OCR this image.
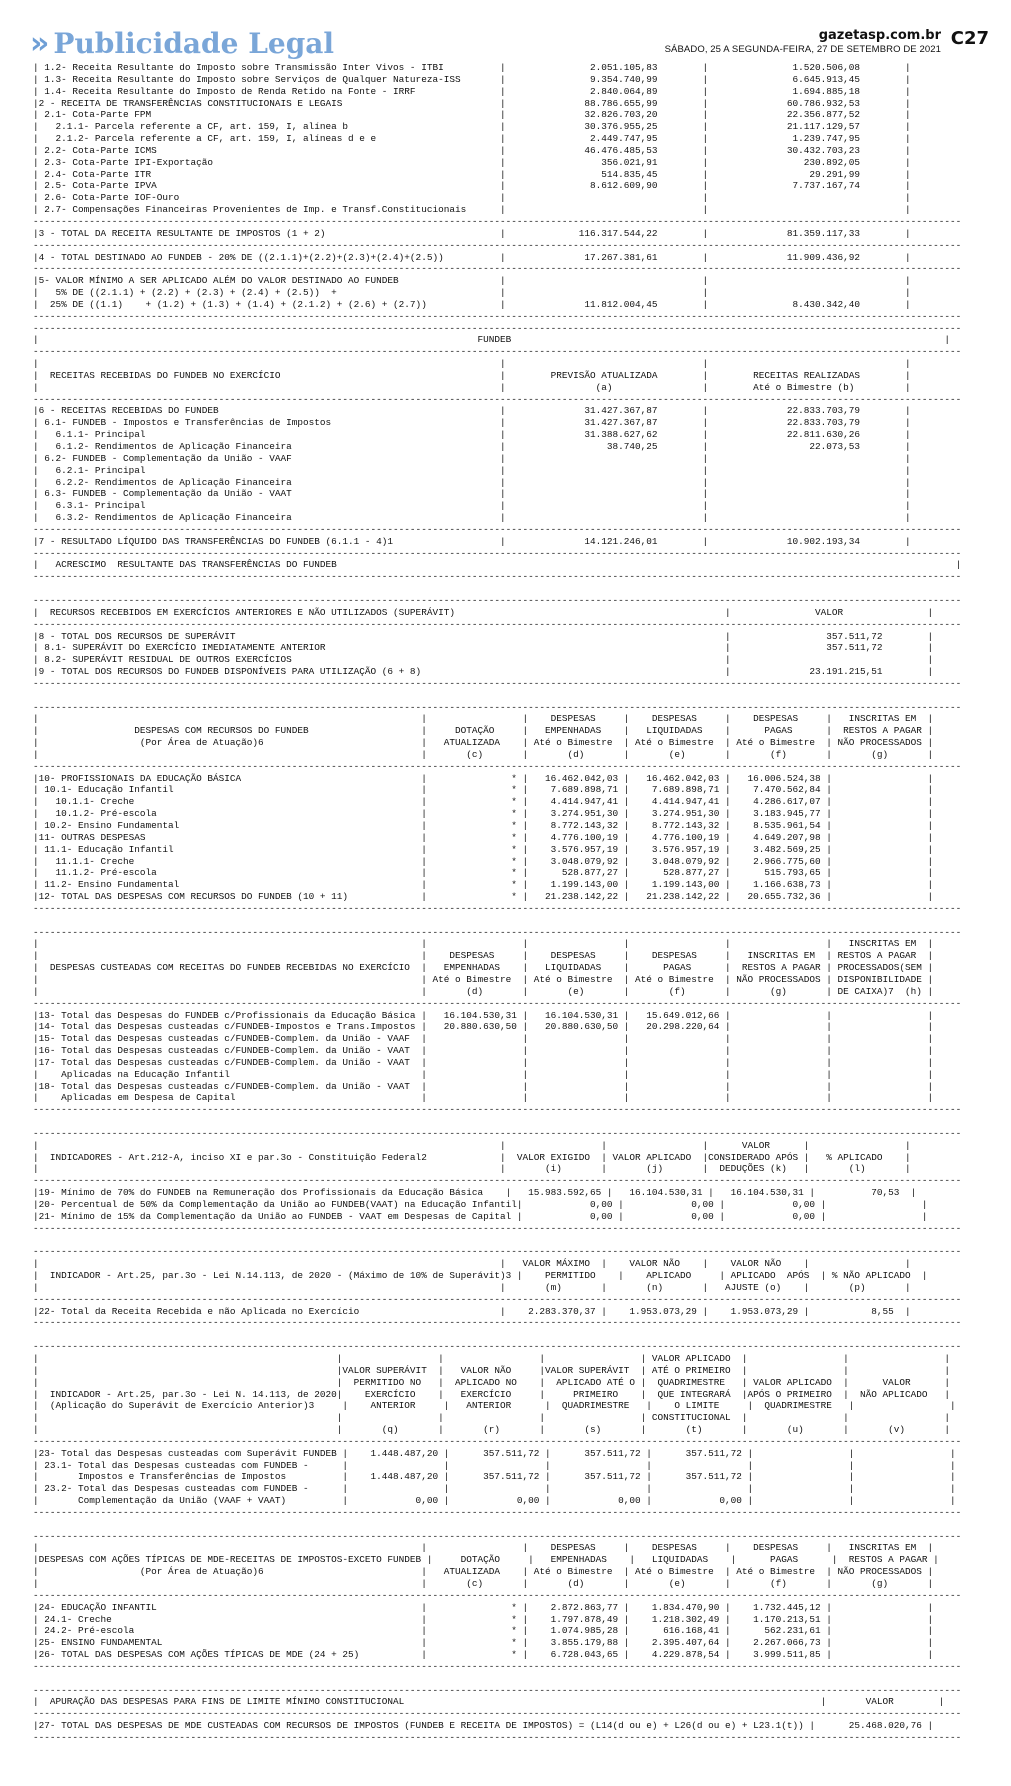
» Publicidade Legal	gazetasp.com.br
SÁBADO, 25 A SEGUNDA-FEIRA, 27 DE SETEMBRO DE 2021
C27
| 1.2- Receita Resultante do Imposto sobre Transmissão Inter Vivos - ITBI          |               2.051.105,83        |               1.520.506,08        |
| 1.3- Receita Resultante do Imposto sobre Serviços de Qualquer Natureza-ISS       |               9.354.740,99        |               6.645.913,45        |
| 1.4- Receita Resultante do Imposto de Renda Retido na Fonte - IRRF               |               2.840.064,89        |               1.694.885,18        |
|2 - RECEITA DE TRANSFERÊNCIAS CONSTITUCIONAIS E LEGAIS                            |              88.786.655,99        |              60.786.932,53        |
| 2.1- Cota-Parte FPM                                                              |              32.826.703,20        |              22.356.877,52        |
|   2.1.1- Parcela referente a CF, art. 159, I, alínea b                           |              30.376.955,25        |              21.117.129,57        |
|   2.1.2- Parcela referente a CF, art. 159, I, alíneas d e e                      |               2.449.747,95        |               1.239.747,95        |
| 2.2- Cota-Parte ICMS                                                             |              46.476.485,53        |              30.432.703,23        |
| 2.3- Cota-Parte IPI-Exportação                                                   |                 356.021,91        |                 230.892,05        |
| 2.4- Cota-Parte ITR                                                              |                 514.835,45        |                  29.291,99        |
| 2.5- Cota-Parte IPVA                                                             |               8.612.609,90        |               7.737.167,74        |
| 2.6- Cota-Parte IOF-Ouro                                                         |                                   |                                   |
| 2.7- Compensações Financeiras Provenientes de Imp. e Transf.Constitucionais      |                                   |                                   |
---------------------------------------------------------------------------------------------------------------------------------------------------------------------
|3 - TOTAL DA RECEITA RESULTANTE DE IMPOSTOS (1 + 2)                               |             116.317.544,22        |              81.359.117,33        |
---------------------------------------------------------------------------------------------------------------------------------------------------------------------
|4 - TOTAL DESTINADO AO FUNDEB - 20% DE ((2.1.1)+(2.2)+(2.3)+(2.4)+(2.5))          |              17.267.381,61        |              11.909.436,92        |
---------------------------------------------------------------------------------------------------------------------------------------------------------------------
|5- VALOR MÍNIMO A SER APLICADO ALÉM DO VALOR DESTINADO AO FUNDEB                  |                                   |                                   |
|   5% DE ((2.1.1) + (2.2) + (2.3) + (2.4) + (2.5))  +                             |                                   |                                   |
|  25% DE ((1.1)    + (1.2) + (1.3) + (1.4) + (2.1.2) + (2.6) + (2.7))             |              11.812.004,45        |               8.430.342,40        |
---------------------------------------------------------------------------------------------------------------------------------------------------------------------
---------------------------------------------------------------------------------------------------------------------------------------------------------------------
|                                                                              FUNDEB                                                                             |
---------------------------------------------------------------------------------------------------------------------------------------------------------------------
|                                                                                  |                                   |                                   |
|  RECEITAS RECEBIDAS DO FUNDEB NO EXERCÍCIO                                       |        PREVISÃO ATUALIZADA        |        RECEITAS REALIZADAS        |
|                                                                                  |                (a)                |        Até o Bimestre (b)         |
---------------------------------------------------------------------------------------------------------------------------------------------------------------------
|6 - RECEITAS RECEBIDAS DO FUNDEB                                                  |              31.427.367,87        |              22.833.703,79        |
| 6.1- FUNDEB - Impostos e Transferências de Impostos                              |              31.427.367,87        |              22.833.703,79        |
|   6.1.1- Principal                                                               |              31.388.627,62        |              22.811.630,26        |
|   6.1.2- Rendimentos de Aplicação Financeira                                     |                  38.740,25        |                  22.073,53        |
| 6.2- FUNDEB - Complementação da União - VAAF                                     |                                   |                                   |
|   6.2.1- Principal                                                               |                                   |                                   |
|   6.2.2- Rendimentos de Aplicação Financeira                                     |                                   |                                   |
| 6.3- FUNDEB - Complementação da União - VAAT                                     |                                   |                                   |
|   6.3.1- Principal                                                               |                                   |                                   |
|   6.3.2- Rendimentos de Aplicação Financeira                                     |                                   |                                   |
---------------------------------------------------------------------------------------------------------------------------------------------------------------------
|7 - RESULTADO LÍQUIDO DAS TRANSFERÊNCIAS DO FUNDEB (6.1.1 - 4)1                   |              14.121.246,01        |              10.902.193,34        |
---------------------------------------------------------------------------------------------------------------------------------------------------------------------
|   ACRESCIMO  RESULTANTE DAS TRANSFERÊNCIAS DO FUNDEB                                                                                                              |
---------------------------------------------------------------------------------------------------------------------------------------------------------------------

---------------------------------------------------------------------------------------------------------------------------------------------------------------------
|  RECURSOS RECEBIDOS EM EXERCÍCIOS ANTERIORES E NÃO UTILIZADOS (SUPERÁVIT)                                                |               VALOR               |
---------------------------------------------------------------------------------------------------------------------------------------------------------------------
|8 - TOTAL DOS RECURSOS DE SUPERÁVIT                                                                                       |                 357.511,72        |
| 8.1- SUPERÁVIT DO EXERCÍCIO IMEDIATAMENTE ANTERIOR                                                                       |                 357.511,72        |
| 8.2- SUPERÁVIT RESIDUAL DE OUTROS EXERCÍCIOS                                                                             |                                   |
|9 - TOTAL DOS RECURSOS DO FUNDEB DISPONÍVEIS PARA UTILIZAÇÃO (6 + 8)                                                      |              23.191.215,51        |
---------------------------------------------------------------------------------------------------------------------------------------------------------------------

---------------------------------------------------------------------------------------------------------------------------------------------------------------------
|                                                                    |                 |    DESPESAS     |    DESPESAS     |    DESPESAS     |   INSCRITAS EM  |
|                 DESPESAS COM RECURSOS DO FUNDEB                    |     DOTAÇÃO     |   EMPENHADAS    |   LIQUIDADAS    |      PAGAS      |  RESTOS A PAGAR |
|                  (Por Área de Atuação)6                            |   ATUALIZADA    | Até o Bimestre  | Até o Bimestre  | Até o Bimestre  | NÃO PROCESSADOS |
|                                                                    |       (c)       |       (d)       |       (e)       |       (f)       |       (g)       |
---------------------------------------------------------------------------------------------------------------------------------------------------------------------
|10- PROFISSIONAIS DA EDUCAÇÃO BÁSICA                                |               * |   16.462.042,03 |   16.462.042,03 |   16.006.524,38 |                 |
| 10.1- Educação Infantil                                            |               * |    7.689.898,71 |    7.689.898,71 |    7.470.562,84 |                 |
|   10.1.1- Creche                                                   |               * |    4.414.947,41 |    4.414.947,41 |    4.286.617,07 |                 |
|   10.1.2- Pré-escola                                               |               * |    3.274.951,30 |    3.274.951,30 |    3.183.945,77 |                 |
| 10.2- Ensino Fundamental                                           |               * |    8.772.143,32 |    8.772.143,32 |    8.535.961,54 |                 |
|11- OUTRAS DESPESAS                                                 |               * |    4.776.100,19 |    4.776.100,19 |    4.649.207,98 |                 |
| 11.1- Educação Infantil                                            |               * |    3.576.957,19 |    3.576.957,19 |    3.482.569,25 |                 |
|   11.1.1- Creche                                                   |               * |    3.048.079,92 |    3.048.079,92 |    2.966.775,60 |                 |
|   11.1.2- Pré-escola                                               |               * |      528.877,27 |      528.877,27 |      515.793,65 |                 |
| 11.2- Ensino Fundamental                                           |               * |    1.199.143,00 |    1.199.143,00 |    1.166.638,73 |                 |
|12- TOTAL DAS DESPESAS COM RECURSOS DO FUNDEB (10 + 11)             |               * |   21.238.142,22 |   21.238.142,22 |   20.655.732,36 |                 |
---------------------------------------------------------------------------------------------------------------------------------------------------------------------

---------------------------------------------------------------------------------------------------------------------------------------------------------------------
|                                                                    |                 |                 |                 |                 |   INSCRITAS EM  |
|                                                                    |    DESPESAS     |    DESPESAS     |    DESPESAS     |   INSCRITAS EM  | RESTOS A PAGAR  |
|  DESPESAS CUSTEADAS COM RECEITAS DO FUNDEB RECEBIDAS NO EXERCÍCIO  |   EMPENHADAS    |   LIQUIDADAS    |      PAGAS      |  RESTOS A PAGAR | PROCESSADOS(SEM |
|                                                                    | Até o Bimestre  | Até o Bimestre  | Até o Bimestre  | NÃO PROCESSADOS | DISPONIBILIDADE |
|                                                                    |       (d)       |       (e)       |       (f)       |       (g)       | DE CAIXA)7  (h) |
---------------------------------------------------------------------------------------------------------------------------------------------------------------------
|13- Total das Despesas do FUNDEB c/Profissionais da Educação Básica |   16.104.530,31 |   16.104.530,31 |   15.649.012,66 |                 |                 |
|14- Total das Despesas custeadas c/FUNDEB-Impostos e Trans.Impostos |   20.880.630,50 |   20.880.630,50 |   20.298.220,64 |                 |                 |
|15- Total das Despesas custeadas c/FUNDEB-Complem. da União - VAAF  |                 |                 |                 |                 |                 |
|16- Total das Despesas custeadas c/FUNDEB-Complem. da União - VAAT  |                 |                 |                 |                 |                 |
|17- Total das Despesas custeadas c/FUNDEB-Complem. da União - VAAT  |                 |                 |                 |                 |                 |
|    Aplicadas na Educação Infantil                                  |                 |                 |                 |                 |                 |
|18- Total das Despesas custeadas c/FUNDEB-Complem. da União - VAAT  |                 |                 |                 |                 |                 |
|    Aplicadas em Despesa de Capital                                 |                 |                 |                 |                 |                 |
---------------------------------------------------------------------------------------------------------------------------------------------------------------------

---------------------------------------------------------------------------------------------------------------------------------------------------------------------
|                                                                                  |                 |                 |      VALOR      |                 |
|  INDICADORES - Art.212-A, inciso XI e par.3o - Constituição Federal2             |  VALOR EXIGIDO  | VALOR APLICADO  |CONSIDERADO APÓS |   % APLICADO    |
|                                                                                  |       (i)       |       (j)       |  DEDUÇÕES (k)   |       (l)       |
---------------------------------------------------------------------------------------------------------------------------------------------------------------------
|19- Mínimo de 70% do FUNDEB na Remuneração dos Profissionais da Educação Básica    |   15.983.592,65 |   16.104.530,31 |   16.104.530,31 |          70,53  |
|20- Percentual de 50% da Complementação da União ao FUNDEB(VAAT) na Educação Infantil|            0,00 |            0,00 |            0,00 |                 |
|21- Mínimo de 15% da Complementação da União ao FUNDEB - VAAT em Despesas de Capital |            0,00 |            0,00 |            0,00 |                 |
---------------------------------------------------------------------------------------------------------------------------------------------------------------------

---------------------------------------------------------------------------------------------------------------------------------------------------------------------
|                                                                                  |   VALOR MÁXIMO  |    VALOR NÃO    |    VALOR NÃO    |                 |
|  INDICADOR - Art.25, par.3o - Lei N.14.113, de 2020 - (Máximo de 10% de Superávit)3 |    PERMITIDO    |    APLICADO     | APLICADO  APÓS  | % NÃO APLICADO  |
|                                                                                  |       (m)       |       (n)       |   AJUSTE (o)    |       (p)       |
---------------------------------------------------------------------------------------------------------------------------------------------------------------------
|22- Total da Receita Recebida e não Aplicada no Exercício                         |    2.283.370,37 |    1.953.073,29 |    1.953.073,29 |           8,55  |
---------------------------------------------------------------------------------------------------------------------------------------------------------------------

---------------------------------------------------------------------------------------------------------------------------------------------------------------------
|                                                     |                 |                 |                 | VALOR APLICADO  |                 |                 |
|                                                     |VALOR SUPERÁVIT  |   VALOR NÃO     |VALOR SUPERÁVIT  | ATÉ O PRIMEIRO  |                 |                 |
|                                                     |  PERMITIDO NO   |  APLICADO NO    |  APLICADO ATÉ O |  QUADRIMESTRE   | VALOR APLICADO  |      VALOR      |
|  INDICADOR - Art.25, par.3o - Lei N. 14.113, de 2020|    EXERCÍCIO    |   EXERCÍCIO     |     PRIMEIRO    |  QUE INTEGRARÁ  |APÓS O PRIMEIRO  |  NÃO APLICADO   |
|  (Aplicação do Superávit de Exercício Anterior)3     |    ANTERIOR     |   ANTERIOR      |  QUADRIMESTRE   |    O LIMITE     |  QUADRIMESTRE   |                 |
|                                                     |                 |                 |                 | CONSTITUCIONAL  |                 |                 |
|                                                     |       (q)       |       (r)       |       (s)       |       (t)       |       (u)       |       (v)       |
---------------------------------------------------------------------------------------------------------------------------------------------------------------------
|23- Total das Despesas custeadas com Superávit FUNDEB |    1.448.487,20 |      357.511,72 |      357.511,72 |      357.511,72 |                 |                 |
| 23.1- Total das Despesas custeadas com FUNDEB -      |                 |                 |                 |                 |                 |                 |
|       Impostos e Transferências de Impostos          |    1.448.487,20 |      357.511,72 |      357.511,72 |      357.511,72 |                 |                 |
| 23.2- Total das Despesas custeadas com FUNDEB -      |                 |                 |                 |                 |                 |                 |
|       Complementação da União (VAAF + VAAT)          |            0,00 |            0,00 |            0,00 |            0,00 |                 |                 |
---------------------------------------------------------------------------------------------------------------------------------------------------------------------

---------------------------------------------------------------------------------------------------------------------------------------------------------------------
|                                                                    |                 |    DESPESAS     |    DESPESAS     |    DESPESAS     |   INSCRITAS EM  |
|DESPESAS COM AÇÕES TÍPICAS DE MDE-RECEITAS DE IMPOSTOS-EXCETO FUNDEB |     DOTAÇÃO     |   EMPENHADAS    |   LIQUIDADAS    |      PAGAS      |  RESTOS A PAGAR |
|                  (Por Área de Atuação)6                            |   ATUALIZADA    | Até o Bimestre  | Até o Bimestre  | Até o Bimestre  | NÃO PROCESSADOS |
|                                                                    |       (c)       |       (d)       |       (e)       |       (f)       |       (g)       |
---------------------------------------------------------------------------------------------------------------------------------------------------------------------
|24- EDUCAÇÃO INFANTIL                                               |               * |    2.872.863,77 |    1.834.470,90 |    1.732.445,12 |                 |
| 24.1- Creche                                                       |               * |    1.797.878,49 |    1.218.302,49 |    1.170.213,51 |                 |
| 24.2- Pré-escola                                                   |               * |    1.074.985,28 |      616.168,41 |      562.231,61 |                 |
|25- ENSINO FUNDAMENTAL                                              |               * |    3.855.179,88 |    2.395.407,64 |    2.267.066,73 |                 |
|26- TOTAL DAS DESPESAS COM AÇÕES TÍPICAS DE MDE (24 + 25)           |               * |    6.728.043,65 |    4.229.878,54 |    3.999.511,85 |                 |
---------------------------------------------------------------------------------------------------------------------------------------------------------------------

---------------------------------------------------------------------------------------------------------------------------------------------------------------------
|  APURAÇÃO DAS DESPESAS PARA FINS DE LIMITE MÍNIMO CONSTITUCIONAL                                                                          |       VALOR        |
---------------------------------------------------------------------------------------------------------------------------------------------------------------------
|27- TOTAL DAS DESPESAS DE MDE CUSTEADAS COM RECURSOS DE IMPOSTOS (FUNDEB E RECEITA DE IMPOSTOS) = (L14(d ou e) + L26(d ou e) + L23.1(t)) |      25.468.020,76 |
---------------------------------------------------------------------------------------------------------------------------------------------------------------------
